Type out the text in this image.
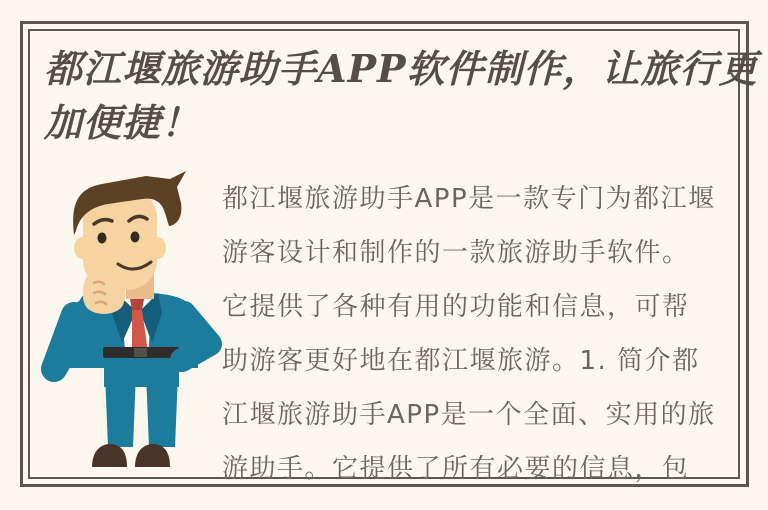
都江堰旅游助手APP软件制作，让旅行更
加便捷！
都江堰旅游助手APP是一款专门为都江堰
游客设计和制作的一款旅游助手软件。
它提供了各种有用的功能和信息，可帮
助游客更好地在都江堰旅游。1. 简介都
江堰旅游助手APP是一个全面、实用的旅
游助手。它提供了所有必要的信息，包
